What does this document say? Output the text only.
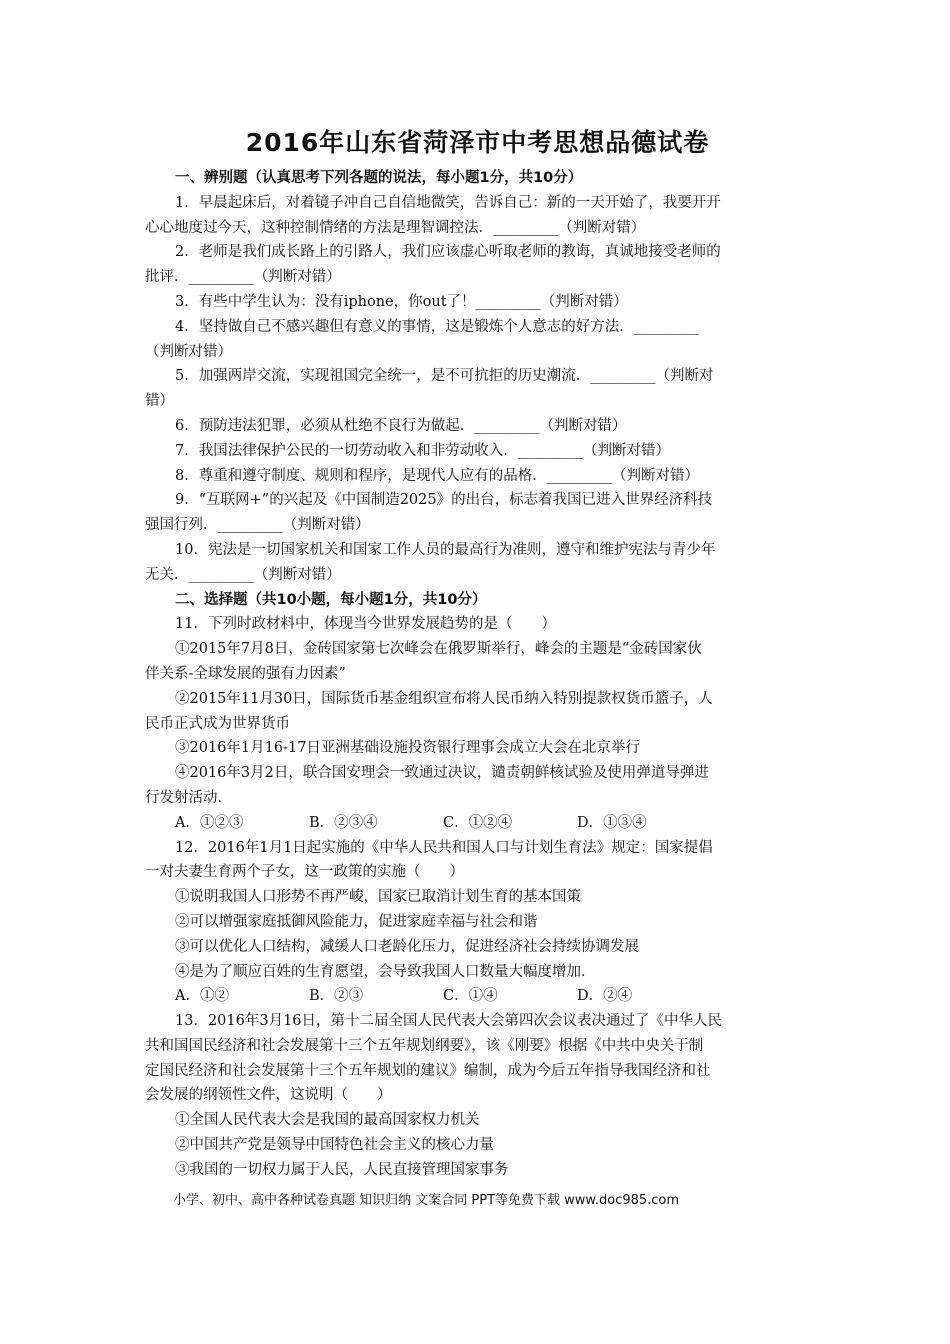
2016年山东省菏泽市中考思想品德试卷

一、辨别题（认真思考下列各题的说法，每小题1分，共10分）

1．早晨起床后，对着镜子冲自己自信地微笑，告诉自己：新的一天开始了，我要开开

心心地度过今天，这种控制情绪的方法是理智调控法．_________（判断对错）

2．老师是我们成长路上的引路人，我们应该虚心听取老师的教诲，真诚地接受老师的

批评．_________（判断对错）

3．有些中学生认为：没有iphone，你out了！_________（判断对错）

4．坚持做自己不感兴趣但有意义的事情，这是锻炼个人意志的好方法．_________

（判断对错）

5．加强两岸交流，实现祖国完全统一，是不可抗拒的历史潮流．_________（判断对

错）

6．预防违法犯罪，必须从杜绝不良行为做起．_________（判断对错）

7．我国法律保护公民的一切劳动收入和非劳动收入．_________（判断对错）

8．尊重和遵守制度、规则和程序，是现代人应有的品格．_________（判断对错）

9．“互联网+”的兴起及《中国制造2025》的出台，标志着我国已进入世界经济科技

强国行列．_________（判断对错）

10．宪法是一切国家机关和国家工作人员的最高行为准则，遵守和维护宪法与青少年

无关．_________（判断对错）

二、选择题（共10小题，每小题1分，共10分）

11．下列时政材料中，体现当今世界发展趋势的是（　　）

①2015年7月8日，金砖国家第七次峰会在俄罗斯举行，峰会的主题是“金砖国家伙

伴关系-全球发展的强有力因素”

②2015年11月30日，国际货币基金组织宣布将人民币纳入特别提款权货币篮子，人

民币正式成为世界货币

③2016年1月16-17日亚洲基础设施投资银行理事会成立大会在北京举行

④2016年3月2日，联合国安理会一致通过决议，谴责朝鲜核试验及使用弹道导弹进

行发射活动．

A．①②③	B．②③④	C．①②④	D．①③④

12．2016年1月1日起实施的《中华人民共和国人口与计划生育法》规定：国家提倡

一对夫妻生育两个子女，这一政策的实施（　　）

①说明我国人口形势不再严峻，国家已取消计划生育的基本国策

②可以增强家庭抵御风险能力，促进家庭幸福与社会和谐

③可以优化人口结构，减缓人口老龄化压力，促进经济社会持续协调发展

④是为了顺应百姓的生育愿望，会导致我国人口数量大幅度增加．

A．①②	B．②③	C．①④	D．②④

13．2016年3月16日，第十二届全国人民代表大会第四次会议表决通过了《中华人民

共和国国民经济和社会发展第十三个五年规划纲要》，该《刚要》根据《中共中央关于制

定国民经济和社会发展第十三个五年规划的建议》编制，成为今后五年指导我国经济和社

会发展的纲领性文件，这说明（　　）

①全国人民代表大会是我国的最高国家权力机关

②中国共产党是领导中国特色社会主义的核心力量

③我国的一切权力属于人民，人民直接管理国家事务

小学、初中、高中各种试卷真题 知识归纳 文案合同 PPT等免费下载 www.doc985.com
